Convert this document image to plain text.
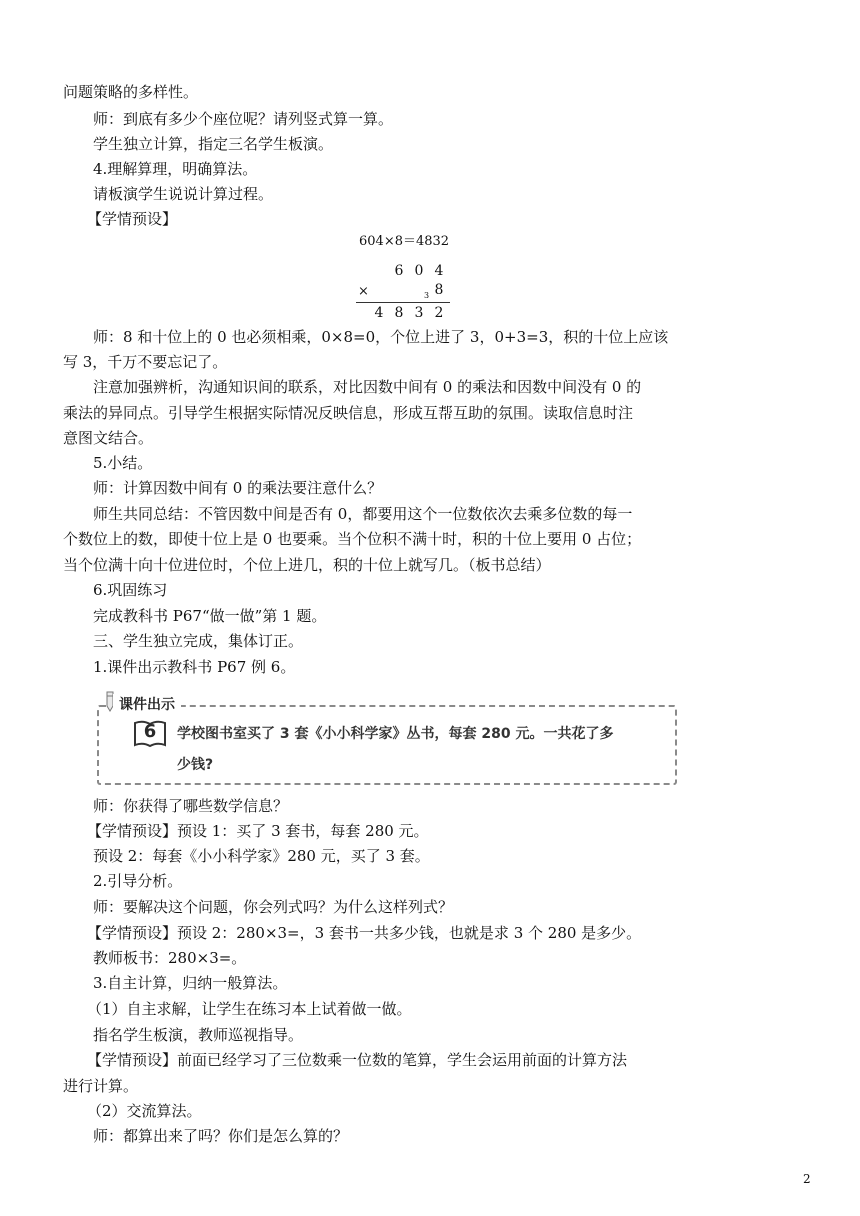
问题策略的多样性。
师：到底有多少个座位呢？请列竖式算一算。
学生独立计算，指定三名学生板演。
4.理解算理，明确算法。
请板演学生说说计算过程。
【学情预设】
604×8＝4832
6 0 4
×	3 8
4 8 3 2
师：8 和十位上的 0 也必须相乘，0×8=0，个位上进了 3，0+3=3，积的十位上应该
写 3，千万不要忘记了。
注意加强辨析，沟通知识间的联系，对比因数中间有 0 的乘法和因数中间没有 0 的
乘法的异同点。引导学生根据实际情况反映信息，形成互帮互助的氛围。读取信息时注
意图文结合。
5.小结。
师：计算因数中间有 0 的乘法要注意什么？
师生共同总结：不管因数中间是否有 0，都要用这个一位数依次去乘多位数的每一
个数位上的数，即使十位上是 0 也要乘。当个位积不满十时，积的十位上要用 0 占位；
当个位满十向十位进位时，个位上进几，积的十位上就写几。（板书总结）
6.巩固练习
完成教科书 P67“做一做”第 1 题。
三、学生独立完成，集体订正。
1.课件出示教科书 P67 例 6。
课件出示
6	学校图书室买了 3 套《小小科学家》丛书，每套 280 元。一共花了多
少钱?
师：你获得了哪些数学信息？
【学情预设】预设 1：买了 3 套书，每套 280 元。
预设 2：每套《小小科学家》280 元，买了 3 套。
2.引导分析。
师：要解决这个问题，你会列式吗？为什么这样列式？
【学情预设】预设 2：280×3=，3 套书一共多少钱，也就是求 3 个 280 是多少。
教师板书：280×3=。
3.自主计算，归纳一般算法。
（1）自主求解，让学生在练习本上试着做一做。
指名学生板演，教师巡视指导。
【学情预设】前面已经学习了三位数乘一位数的笔算，学生会运用前面的计算方法
进行计算。
（2）交流算法。
师：都算出来了吗？你们是怎么算的？
2
